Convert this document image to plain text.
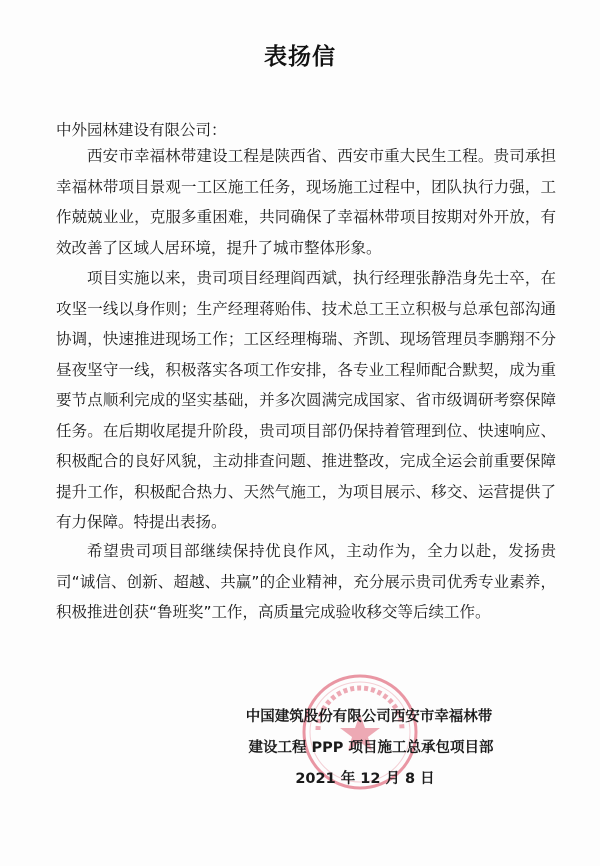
表扬信
中外园林建设有限公司：

西安市幸福林带建设工程是陕西省、西安市重大民生工程。贵司承担幸福林带项目景观一工区施工任务，现场施工过程中，团队执行力强，工作兢兢业业，克服多重困难，共同确保了幸福林带项目按期对外开放，有效改善了区域人居环境，提升了城市整体形象。

项目实施以来，贵司项目经理阎西斌，执行经理张静浩身先士卒，在攻坚一线以身作则；生产经理蒋贻伟、技术总工王立积极与总承包部沟通协调，快速推进现场工作；工区经理梅瑞、齐凯、现场管理员李鹏翔不分昼夜坚守一线，积极落实各项工作安排，各专业工程师配合默契，成为重要节点顺利完成的坚实基础，并多次圆满完成国家、省市级调研考察保障任务。在后期收尾提升阶段，贵司项目部仍保持着管理到位、快速响应、积极配合的良好风貌，主动排查问题、推进整改，完成全运会前重要保障提升工作，积极配合热力、天然气施工，为项目展示、移交、运营提供了有力保障。特提出表扬。

希望贵司项目部继续保持优良作风，主动作为，全力以赴，发扬贵司“诚信、创新、超越、共赢”的企业精神，充分展示贵司优秀专业素养，积极推进创获“鲁班奖”工作，高质量完成验收移交等后续工作。

中国建筑股份有限公司西安市幸福林带
建设工程 PPP 项目施工总承包项目部
2021 年 12 月 8 日
